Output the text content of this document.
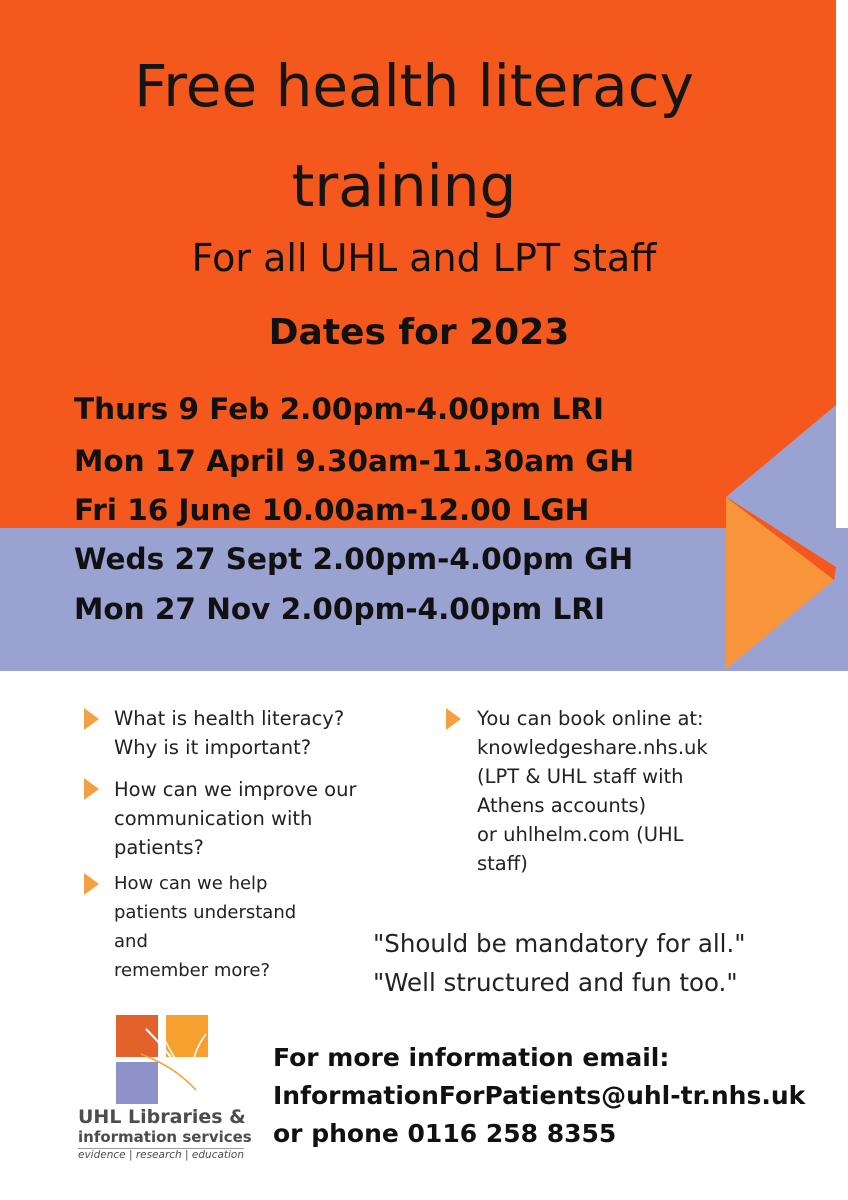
Free health literacy
training
For all UHL and LPT staff
Dates for 2023
Thurs 9 Feb 2.00pm-4.00pm LRI
Mon 17 April 9.30am-11.30am GH
Fri 16 June 10.00am-12.00 LGH
Weds 27 Sept 2.00pm-4.00pm GH
Mon 27 Nov 2.00pm-4.00pm LRI
What is health literacy?
Why is it important?
How can we improve our
communication with
patients?
How can we help
patients understand
and
remember more?
You can book online at:
knowledgeshare.nhs.uk
(LPT & UHL staff with
Athens accounts)
or uhlhelm.com (UHL
staff)
"Should be mandatory for all."
"Well structured and fun too."
UHL Libraries &
information services
evidence | research | education
For more information email:
InformationForPatients@uhl-tr.nhs.uk
or phone 0116 258 8355
